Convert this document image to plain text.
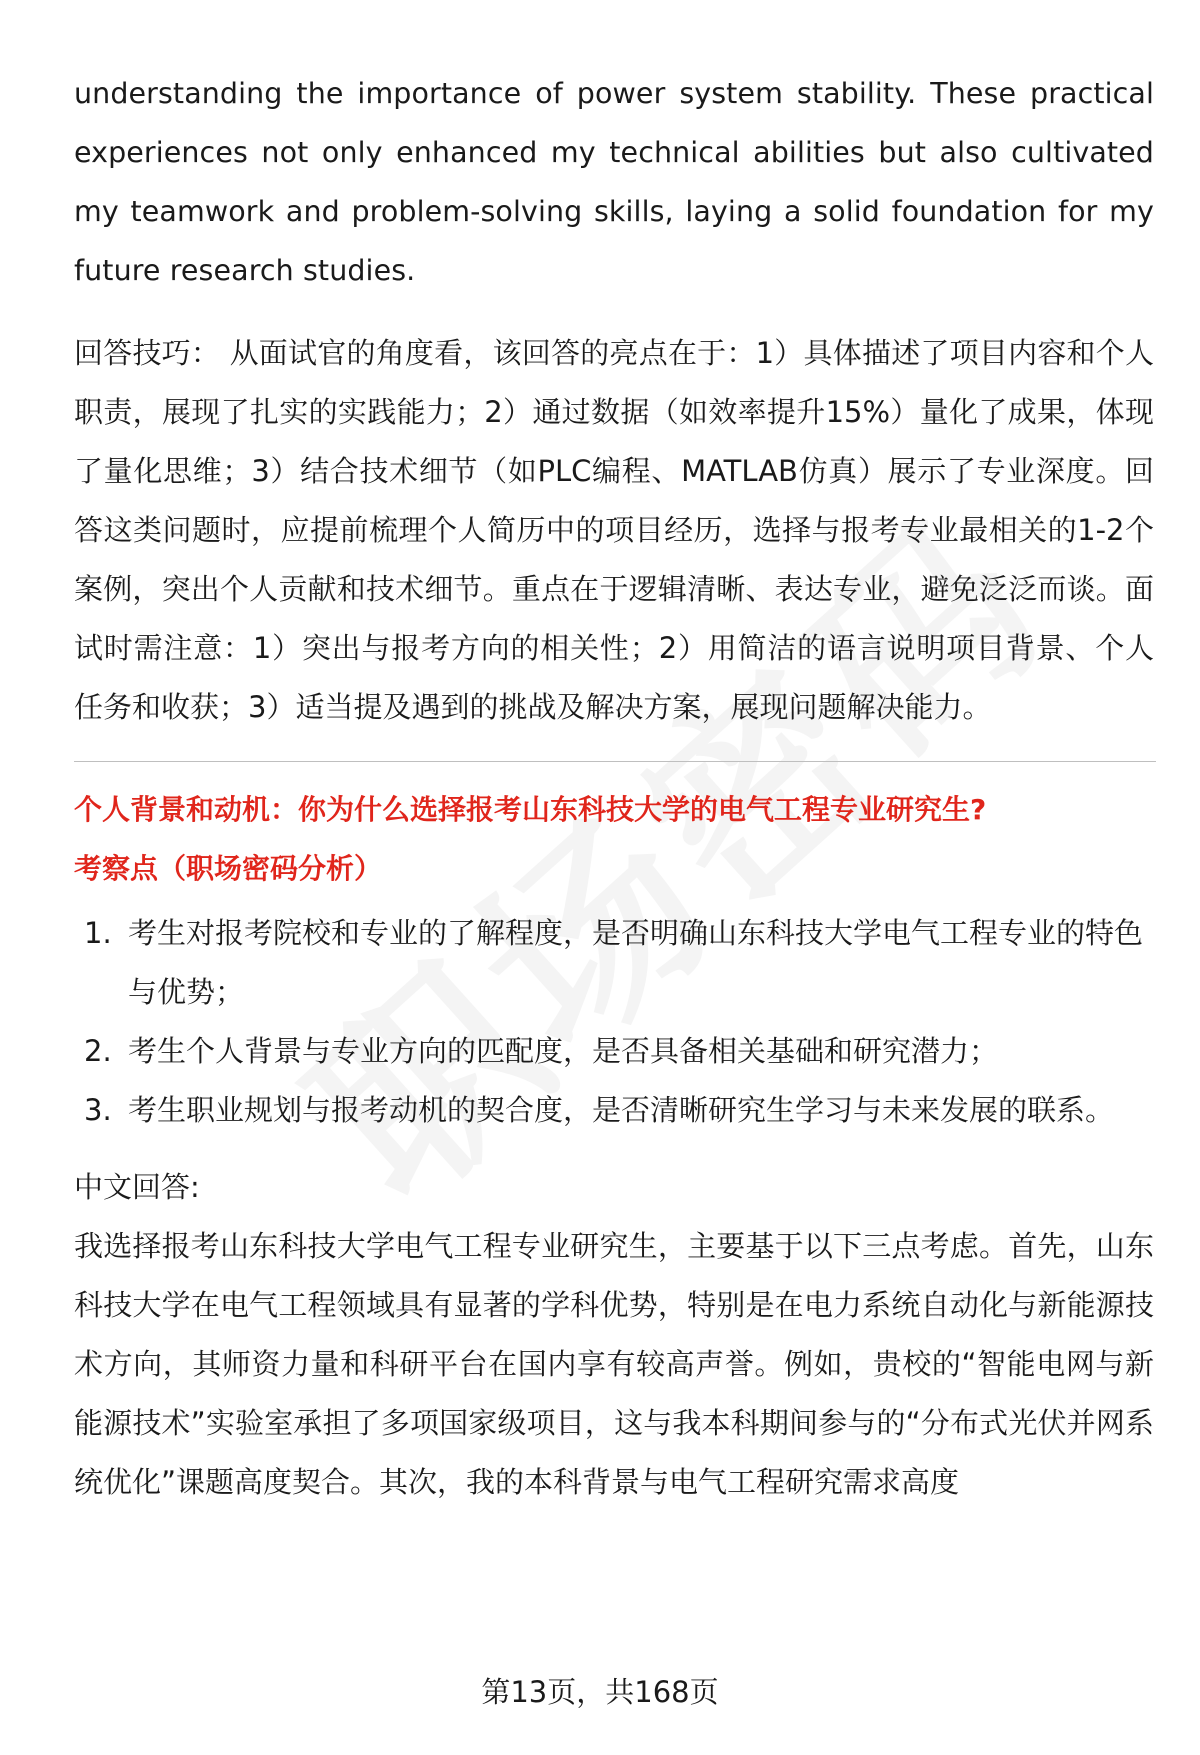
understanding the importance of power system stability. These practical experiences not only enhanced my technical abilities but also cultivated my teamwork and problem-solving skills, laying a solid foundation for my future research studies.

回答技巧： 从面试官的角度看，该回答的亮点在于：1）具体描述了项目内容和个人职责，展现了扎实的实践能力；2）通过数据（如效率提升15%）量化了成果，体现了量化思维；3）结合技术细节（如PLC编程、MATLAB仿真）展示了专业深度。回答这类问题时，应提前梳理个人简历中的项目经历，选择与报考专业最相关的1-2个案例，突出个人贡献和技术细节。重点在于逻辑清晰、表达专业，避免泛泛而谈。面试时需注意：1）突出与报考方向的相关性；2）用简洁的语言说明项目背景、个人任务和收获；3）适当提及遇到的挑战及解决方案，展现问题解决能力。

个人背景和动机：你为什么选择报考山东科技大学的电气工程专业研究生?

考察点（职场密码分析）

1. 考生对报考院校和专业的了解程度，是否明确山东科技大学电气工程专业的特色与优势；
2. 考生个人背景与专业方向的匹配度，是否具备相关基础和研究潜力；
3. 考生职业规划与报考动机的契合度，是否清晰研究生学习与未来发展的联系。

中文回答:

我选择报考山东科技大学电气工程专业研究生，主要基于以下三点考虑。首先，山东科技大学在电气工程领域具有显著的学科优势，特别是在电力系统自动化与新能源技术方向，其师资力量和科研平台在国内享有较高声誉。例如，贵校的“智能电网与新能源技术”实验室承担了多项国家级项目，这与我本科期间参与的“分布式光伏并网系统优化”课题高度契合。其次，我的本科背景与电气工程研究需求高度

第13页，共168页
